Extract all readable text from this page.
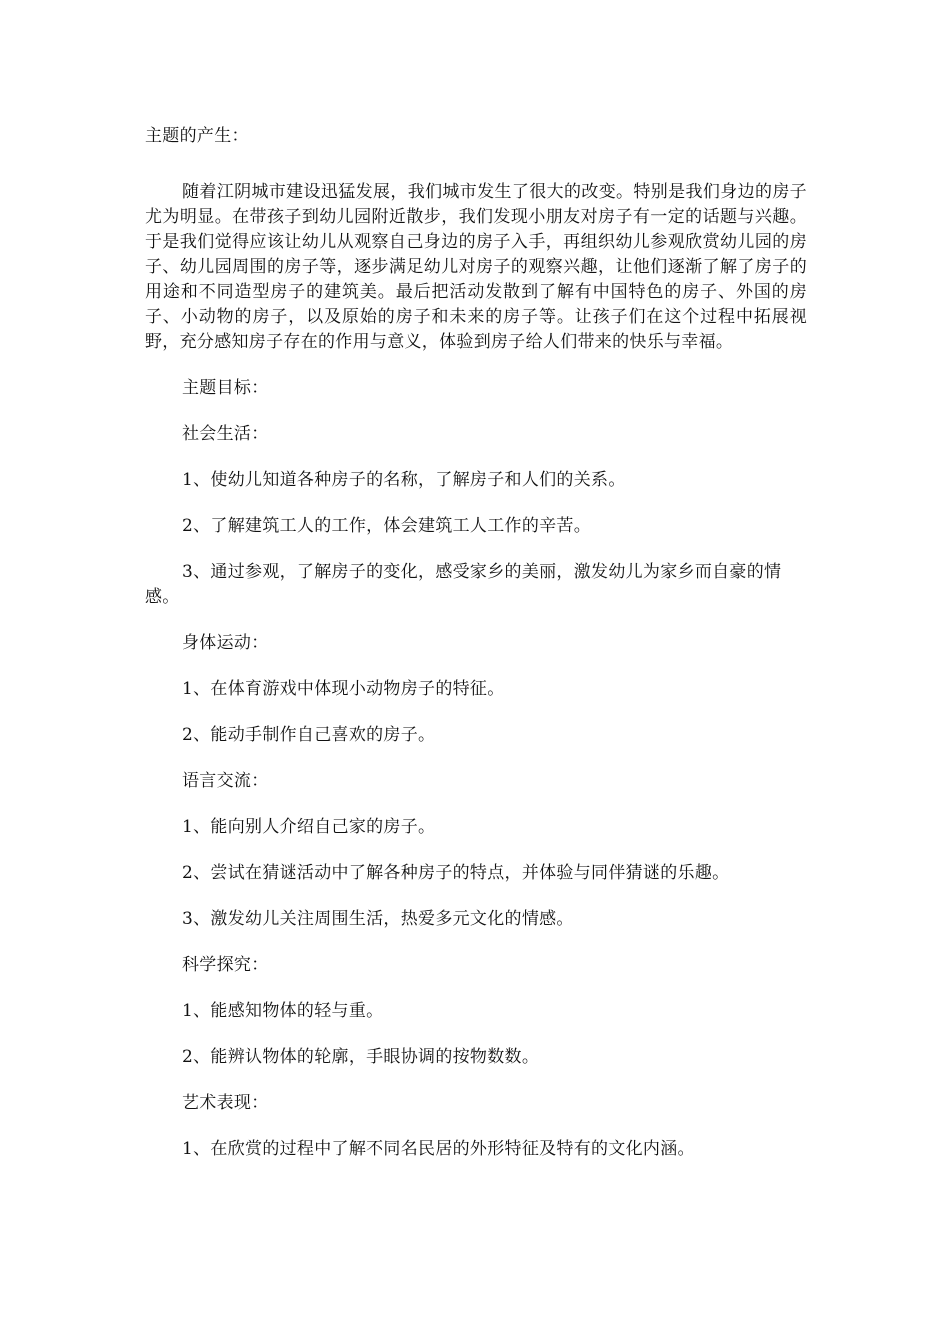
主题的产生：

随着江阴城市建设迅猛发展，我们城市发生了很大的改变。特别是我们身边的房子尤为明显。在带孩子到幼儿园附近散步，我们发现小朋友对房子有一定的话题与兴趣。于是我们觉得应该让幼儿从观察自己身边的房子入手，再组织幼儿参观欣赏幼儿园的房子、幼儿园周围的房子等，逐步满足幼儿对房子的观察兴趣，让他们逐渐了解了房子的用途和不同造型房子的建筑美。最后把活动发散到了解有中国特色的房子、外国的房子、小动物的房子，以及原始的房子和未来的房子等。让孩子们在这个过程中拓展视野，充分感知房子存在的作用与意义，体验到房子给人们带来的快乐与幸福。

主题目标：

社会生活：

1、使幼儿知道各种房子的名称，了解房子和人们的关系。

2、了解建筑工人的工作，体会建筑工人工作的辛苦。

3、通过参观，了解房子的变化，感受家乡的美丽，激发幼儿为家乡而自豪的情感。

身体运动：

1、在体育游戏中体现小动物房子的特征。

2、能动手制作自己喜欢的房子。

语言交流：

1、能向别人介绍自己家的房子。

2、尝试在猜谜活动中了解各种房子的特点，并体验与同伴猜谜的乐趣。

3、激发幼儿关注周围生活，热爱多元文化的情感。

科学探究：

1、能感知物体的轻与重。

2、能辨认物体的轮廓，手眼协调的按物数数。

艺术表现：

1、在欣赏的过程中了解不同名民居的外形特征及特有的文化内涵。
